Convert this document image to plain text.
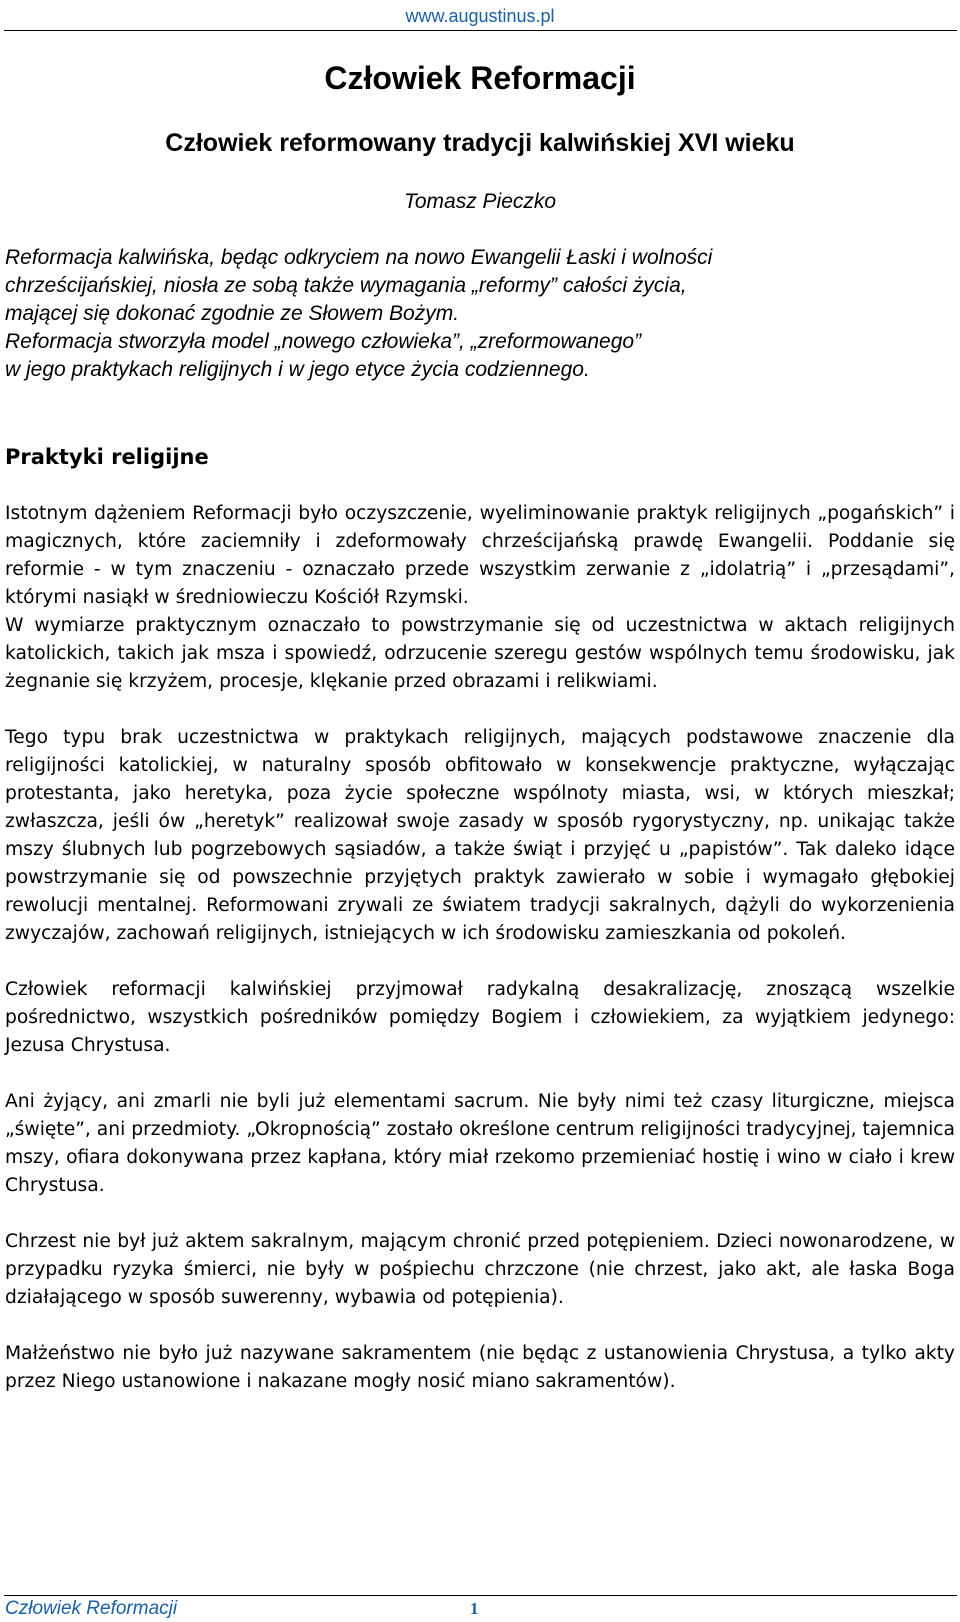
www.augustinus.pl
Człowiek Reformacji
Człowiek reformowany tradycji kalwińskiej XVI wieku
Tomasz Pieczko
Reformacja kalwińska, będąc odkryciem na nowo Ewangelii Łaski i wolności
chrześcijańskiej, niosła ze sobą także wymagania „reformy” całości życia,
mającej się dokonać zgodnie ze Słowem Bożym.
Reformacja stworzyła model „nowego człowieka”, „zreformowanego”
w jego praktykach religijnych i w jego etyce życia codziennego.
Praktyki religijne

Istotnym dążeniem Reformacji było oczyszczenie, wyeliminowanie praktyk religijnych „pogańskich” i magicznych, które zaciemniły i zdeformowały chrześcijańską prawdę Ewangelii. Poddanie się reformie - w tym znaczeniu - oznaczało przede wszystkim zerwanie z „idolatrią” i „przesądami”, którymi nasiąkł w średniowieczu Kościół Rzymski.

W wymiarze praktycznym oznaczało to powstrzymanie się od uczestnictwa w aktach religijnych katolickich, takich jak msza i spowiedź, odrzucenie szeregu gestów wspólnych temu środowisku, jak żegnanie się krzyżem, procesje, klękanie przed obrazami i relikwiami.

Tego typu brak uczestnictwa w praktykach religijnych, mających podstawowe znaczenie dla religijności katolickiej, w naturalny sposób obfitowało w konsekwencje praktyczne, wyłączając protestanta, jako heretyka, poza życie społeczne wspólnoty miasta, wsi, w których mieszkał; zwłaszcza, jeśli ów „heretyk” realizował swoje zasady w sposób rygorystyczny, np. unikając także mszy ślubnych lub pogrzebowych sąsiadów, a także świąt i przyjęć u „papistów”. Tak daleko idące powstrzymanie się od powszechnie przyjętych praktyk zawierało w sobie i wymagało głębokiej rewolucji mentalnej. Reformowani zrywali ze światem tradycji sakralnych, dążyli do wykorzenienia zwyczajów, zachowań religijnych, istniejących w ich środowisku zamieszkania od pokoleń.

Człowiek reformacji kalwińskiej przyjmował radykalną desakralizację, znoszącą wszelkie pośrednictwo, wszystkich pośredników pomiędzy Bogiem i człowiekiem, za wyjątkiem jedynego: Jezusa Chrystusa.

Ani żyjący, ani zmarli nie byli już elementami sacrum. Nie były nimi też czasy liturgiczne, miejsca „święte”, ani przedmioty. „Okropnością” zostało określone centrum religijności tradycyjnej, tajemnica mszy, ofiara dokonywana przez kapłana, który miał rzekomo przemieniać hostię i wino w ciało i krew Chrystusa.

Chrzest nie był już aktem sakralnym, mającym chronić przed potępieniem. Dzieci nowonarodzene, w przypadku ryzyka śmierci, nie były w pośpiechu chrzczone (nie chrzest, jako akt, ale łaska Boga działającego w sposób suwerenny, wybawia od potępienia).

Małżeństwo nie było już nazywane sakramentem (nie będąc z ustanowienia Chrystusa, a tylko akty przez Niego ustanowione i nakazane mogły nosić miano sakramentów).

Człowiek Reformacji	1
